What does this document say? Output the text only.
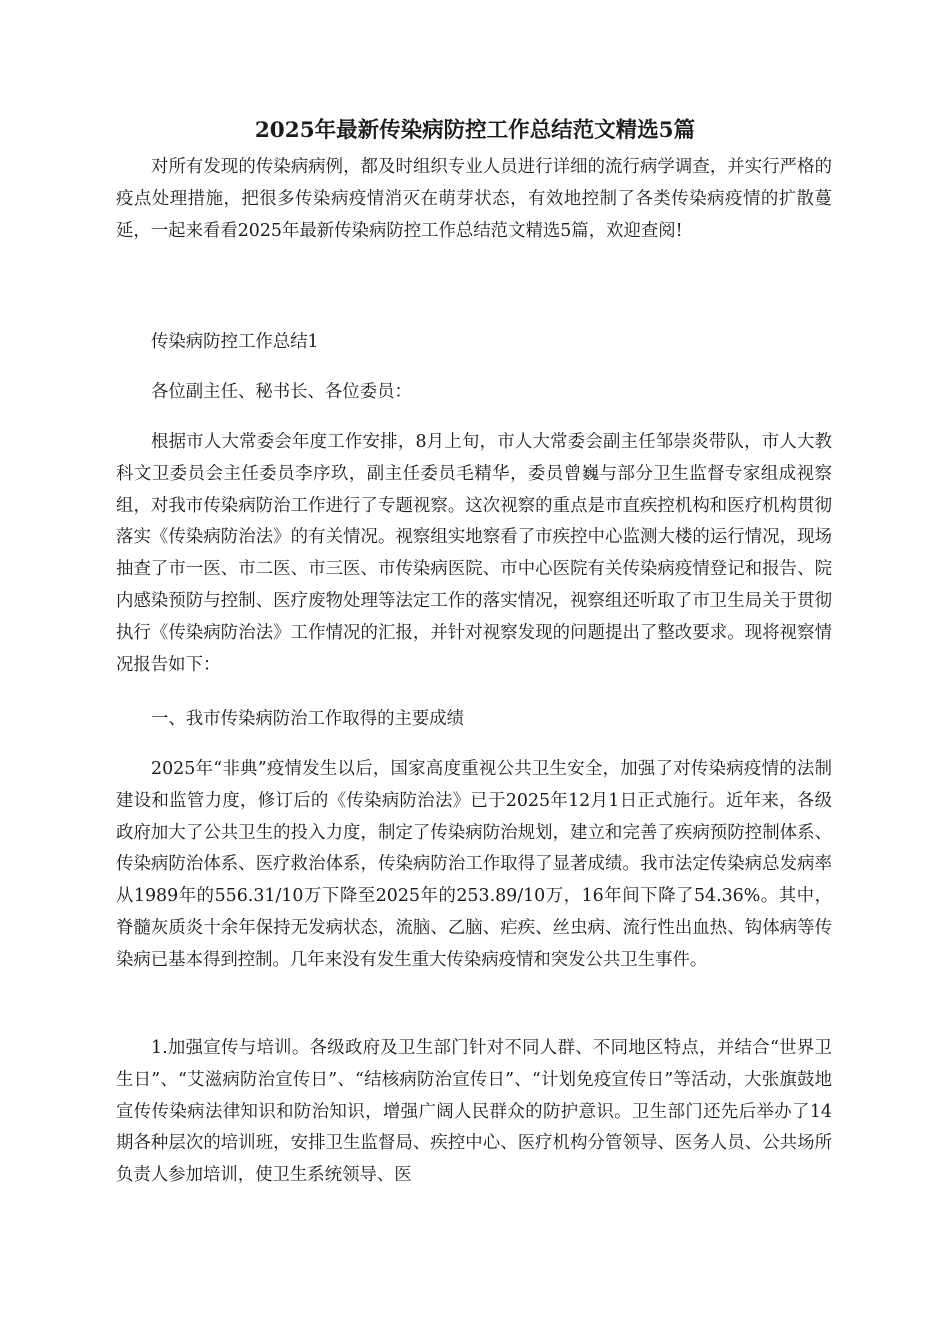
2025年最新传染病防控工作总结范文精选5篇

对所有发现的传染病病例，都及时组织专业人员进行详细的流行病学调查，并实行严格的疫点处理措施，把很多传染病疫情消灭在萌芽状态，有效地控制了各类传染病疫情的扩散蔓延，一起来看看2025年最新传染病防控工作总结范文精选5篇，欢迎查阅!

传染病防控工作总结1

各位副主任、秘书长、各位委员：

根据市人大常委会年度工作安排，8月上旬，市人大常委会副主任邹崇炎带队，市人大教科文卫委员会主任委员李序玖，副主任委员毛精华，委员曾巍与部分卫生监督专家组成视察组，对我市传染病防治工作进行了专题视察。这次视察的重点是市直疾控机构和医疗机构贯彻落实《传染病防治法》的有关情况。视察组实地察看了市疾控中心监测大楼的运行情况，现场抽查了市一医、市二医、市三医、市传染病医院、市中心医院有关传染病疫情登记和报告、院内感染预防与控制、医疗废物处理等法定工作的落实情况，视察组还听取了市卫生局关于贯彻执行《传染病防治法》工作情况的汇报，并针对视察发现的问题提出了整改要求。现将视察情况报告如下：

一、我市传染病防治工作取得的主要成绩

2025年“非典”疫情发生以后，国家高度重视公共卫生安全，加强了对传染病疫情的法制建设和监管力度，修订后的《传染病防治法》已于2025年12月1日正式施行。近年来，各级政府加大了公共卫生的投入力度，制定了传染病防治规划，建立和完善了疾病预防控制体系、传染病防治体系、医疗救治体系，传染病防治工作取得了显著成绩。我市法定传染病总发病率从1989年的556.31/10万下降至2025年的253.89/10万，16年间下降了54.36%。其中，脊髓灰质炎十余年保持无发病状态，流脑、乙脑、疟疾、丝虫病、流行性出血热、钩体病等传染病已基本得到控制。几年来没有发生重大传染病疫情和突发公共卫生事件。

1.加强宣传与培训。各级政府及卫生部门针对不同人群、不同地区特点，并结合“世界卫生日”、“艾滋病防治宣传日”、“结核病防治宣传日”、“计划免疫宣传日”等活动，大张旗鼓地宣传传染病法律知识和防治知识，增强广阔人民群众的防护意识。卫生部门还先后举办了14期各种层次的培训班，安排卫生监督局、疾控中心、医疗机构分管领导、医务人员、公共场所负责人参加培训，使卫生系统领导、医
